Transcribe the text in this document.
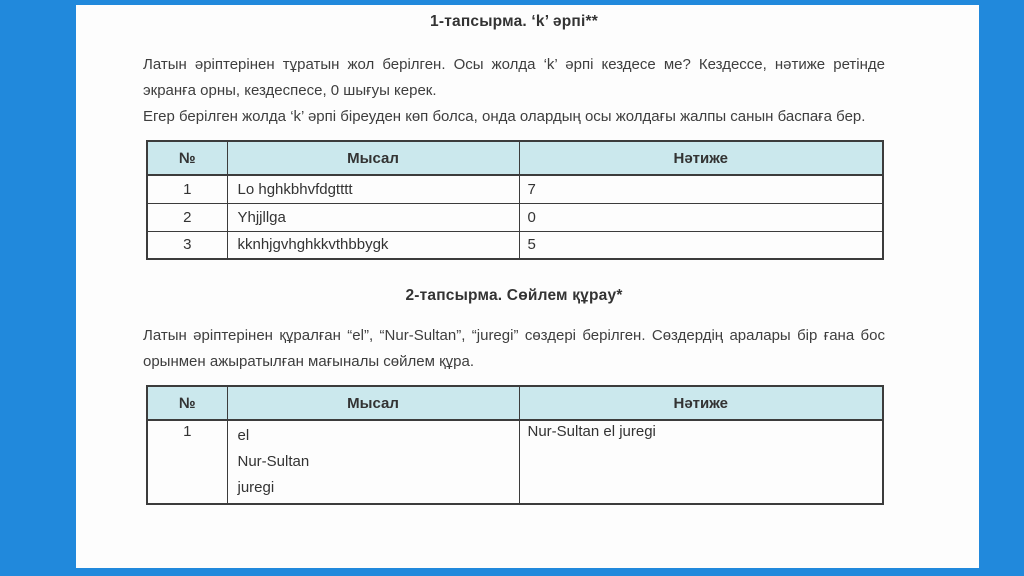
1-тапсырма. ‘k’ әрпі**

Латын әріптерінен тұратын жол берілген. Осы жолда ‘k’ әрпі кездесе ме? Кездессе, нәтиже ретінде экранға орны, кездеспесе, 0 шығуы керек.

Егер берілген жолда ‘k’ әрпі біреуден көп болса, онда олардың осы жолдағы жалпы санын баспаға бер.

№	Мысал	Нәтиже
1	Lo hghkbhvfdgtttt	7
2	Yhjjllga	0
3	kknhjgvhghkkvthbbygk	5
2-тапсырма. Сөйлем құрау*

Латын әріптерінен құралған “el”, “Nur-Sultan”, “juregi” сөздері берілген. Сөздердің аралары бір ғана бос орынмен ажыратылған мағыналы сөйлем құра.

№	Мысал	Нәтиже
1	el
Nur-Sultan
juregi	Nur-Sultan el juregi
